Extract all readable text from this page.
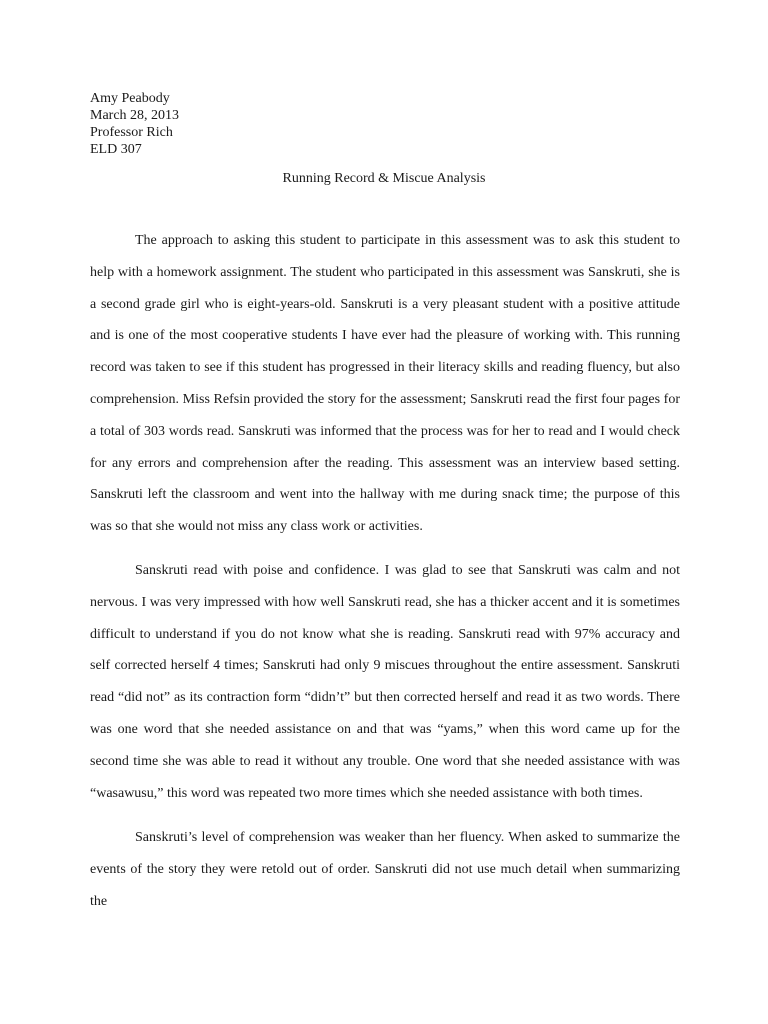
Amy Peabody
March 28, 2013
Professor Rich
ELD 307
Running Record & Miscue Analysis

The approach to asking this student to participate in this assessment was to ask this student to help with a homework assignment. The student who participated in this assessment was Sanskruti, she is a second grade girl who is eight-years-old. Sanskruti is a very pleasant student with a positive attitude and is one of the most cooperative students I have ever had the pleasure of working with. This running record was taken to see if this student has progressed in their literacy skills and reading fluency, but also comprehension. Miss Refsin provided the story for the assessment; Sanskruti read the first four pages for a total of 303 words read. Sanskruti was informed that the process was for her to read and I would check for any errors and comprehension after the reading. This assessment was an interview based setting. Sanskruti left the classroom and went into the hallway with me during snack time; the purpose of this was so that she would not miss any class work or activities.

Sanskruti read with poise and confidence. I was glad to see that Sanskruti was calm and not nervous. I was very impressed with how well Sanskruti read, she has a thicker accent and it is sometimes difficult to understand if you do not know what she is reading. Sanskruti read with 97% accuracy and self corrected herself 4 times; Sanskruti had only 9 miscues throughout the entire assessment. Sanskruti read “did not” as its contraction form “didn’t” but then corrected herself and read it as two words. There was one word that she needed assistance on and that was “yams,” when this word came up for the second time she was able to read it without any trouble. One word that she needed assistance with was “wasawusu,” this word was repeated two more times which she needed assistance with both times.

Sanskruti’s level of comprehension was weaker than her fluency. When asked to summarize the events of the story they were retold out of order. Sanskruti did not use much detail when summarizing the
